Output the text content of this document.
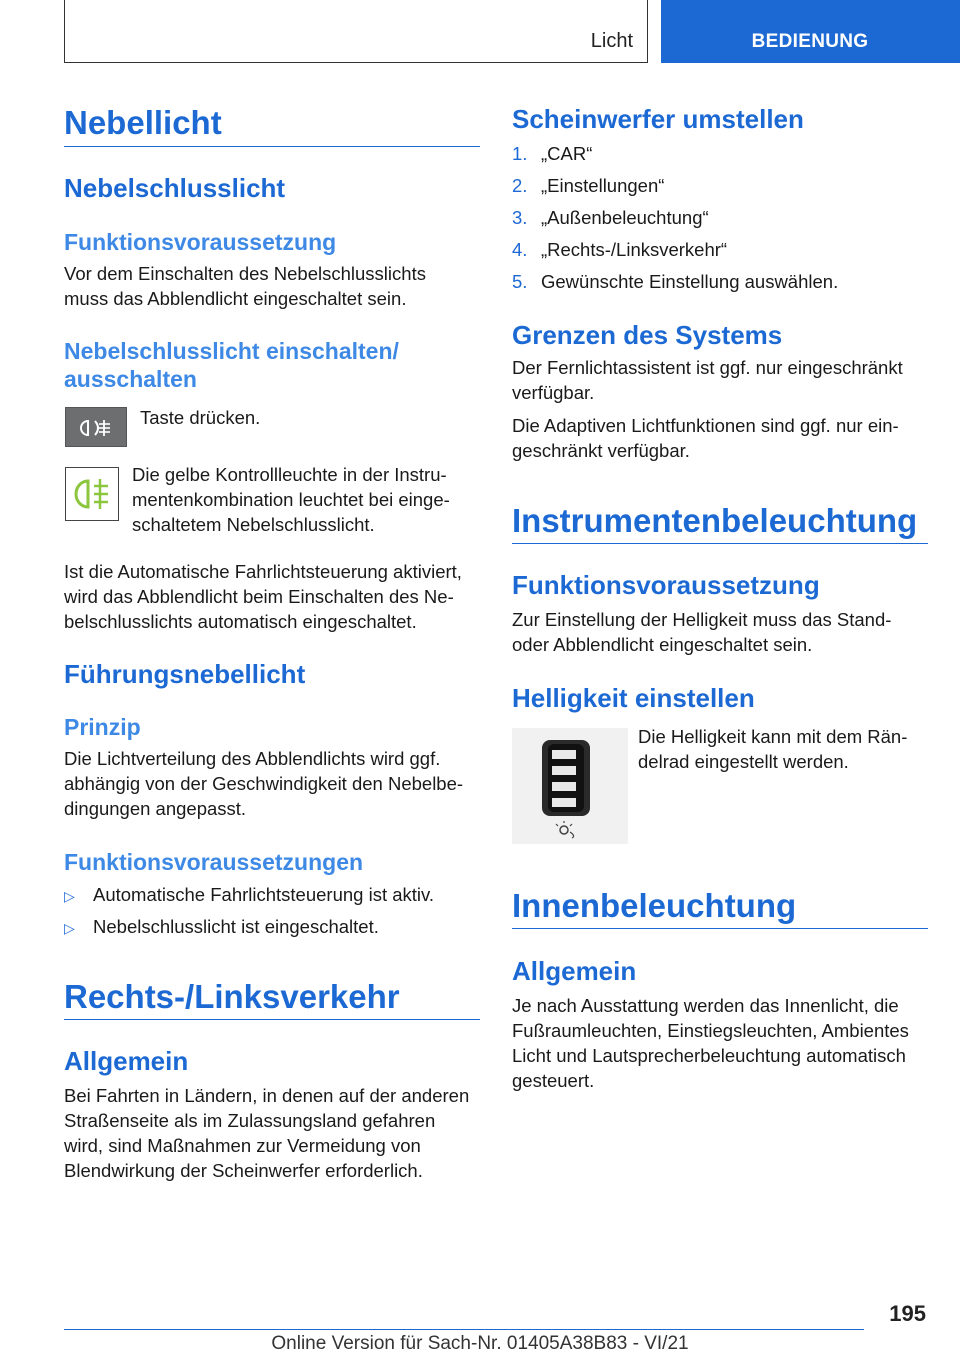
Licht	BEDIENUNG
Nebellicht
Nebelschlusslicht
Funktionsvoraussetzung
Vor dem Einschalten des Nebelschlusslichts
muss das Abblendlicht eingeschaltet sein.
Nebelschlusslicht einschalten/
ausschalten
Taste drücken.
Die gelbe Kontrollleuchte in der Instru-
mentenkombination leuchtet bei einge-
schaltetem Nebelschlusslicht.
Ist die Automatische Fahrlichtsteuerung aktiviert,
wird das Abblendlicht beim Einschalten des Ne-
belschlusslichts automatisch eingeschaltet.
Führungsnebellicht
Prinzip
Die Lichtverteilung des Abblendlichts wird ggf.
abhängig von der Geschwindigkeit den Nebelbe-
dingungen angepasst.
Funktionsvoraussetzungen
▷ Automatische Fahrlichtsteuerung ist aktiv.
▷ Nebelschlusslicht ist eingeschaltet.
Rechts-/Linksverkehr
Allgemein
Bei Fahrten in Ländern, in denen auf der anderen
Straßenseite als im Zulassungsland gefahren
wird, sind Maßnahmen zur Vermeidung von
Blendwirkung der Scheinwerfer erforderlich.
Scheinwerfer umstellen
1. „CAR“
2. „Einstellungen“
3. „Außenbeleuchtung“
4. „Rechts-/Linksverkehr“
5. Gewünschte Einstellung auswählen.
Grenzen des Systems
Der Fernlichtassistent ist ggf. nur eingeschränkt
verfügbar.
Die Adaptiven Lichtfunktionen sind ggf. nur ein-
geschränkt verfügbar.
Instrumentenbeleuchtung
Funktionsvoraussetzung
Zur Einstellung der Helligkeit muss das Stand-
oder Abblendlicht eingeschaltet sein.
Helligkeit einstellen
Die Helligkeit kann mit dem Rän-
delrad eingestellt werden.
Innenbeleuchtung
Allgemein
Je nach Ausstattung werden das Innenlicht, die
Fußraumleuchten, Einstiegsleuchten, Ambientes
Licht und Lautsprecherbeleuchtung automatisch
gesteuert.
195
Online Version für Sach-Nr. 01405A38B83 - VI/21
